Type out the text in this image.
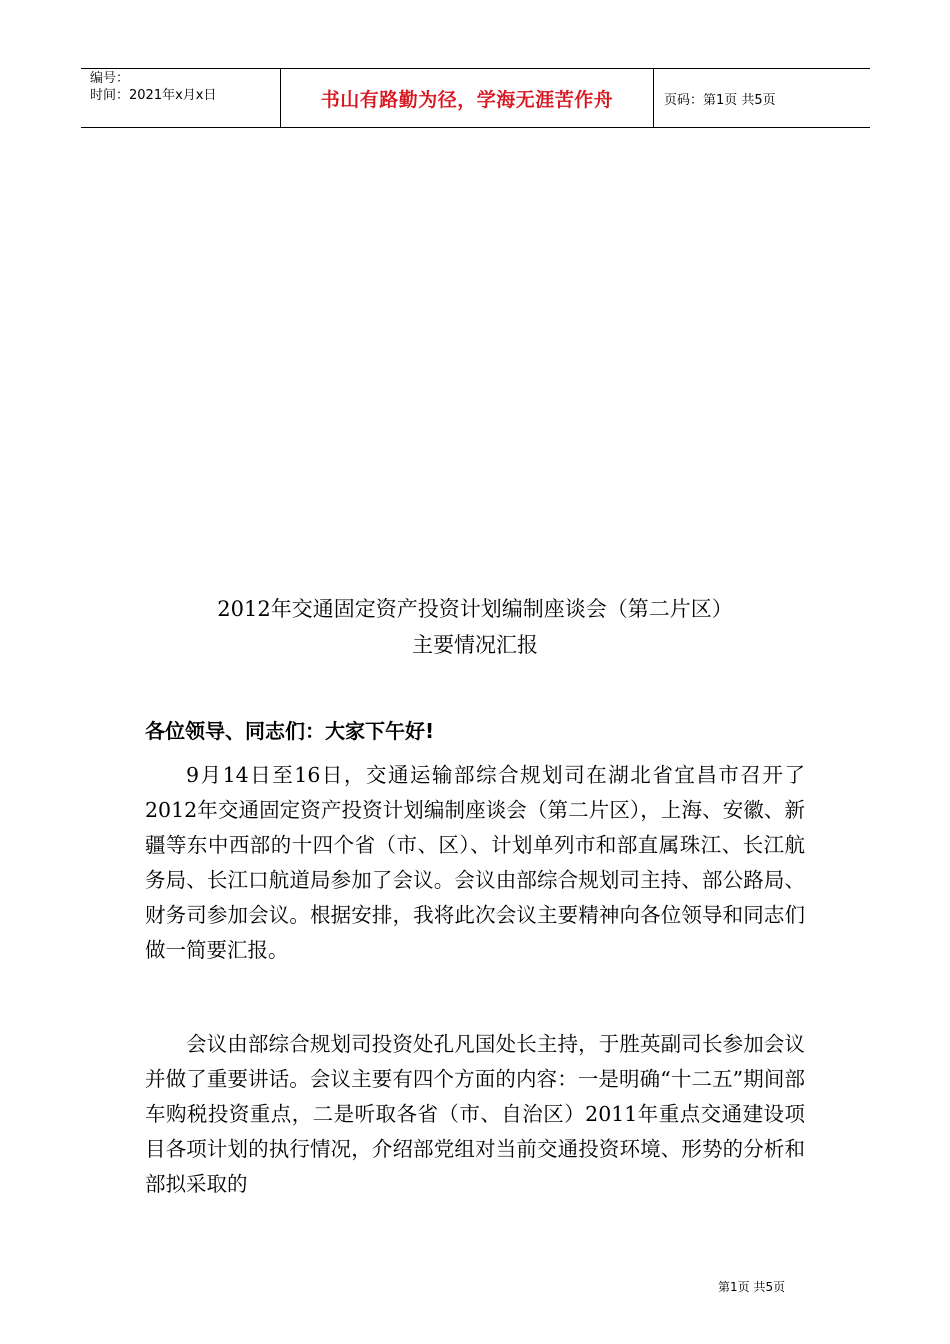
编号：
时间：2021年x月x日	书山有路勤为径，学海无涯苦作舟	页码：第1页 共5页
2012年交通固定资产投资计划编制座谈会（第二片区）
主要情况汇报
各位领导、同志们：大家下午好!

9月14日至16日，交通运输部综合规划司在湖北省宜昌市召开了2012年交通固定资产投资计划编制座谈会（第二片区），上海、安徽、新疆等东中西部的十四个省（市、区）、计划单列市和部直属珠江、长江航务局、长江口航道局参加了会议。会议由部综合规划司主持、部公路局、财务司参加会议。根据安排，我将此次会议主要精神向各位领导和同志们做一简要汇报。

会议由部综合规划司投资处孔凡国处长主持，于胜英副司长参加会议并做了重要讲话。会议主要有四个方面的内容：一是明确“十二五”期间部车购税投资重点，二是听取各省（市、自治区）2011年重点交通建设项目各项计划的执行情况，介绍部党组对当前交通投资环境、形势的分析和部拟采取的

第1页 共5页
